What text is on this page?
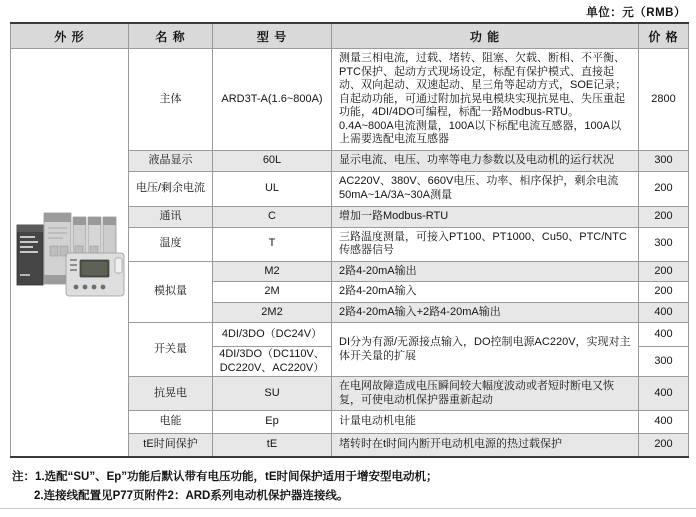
单位：元（RMB）
外 形	名 称	型 号	功 能	价 格
	主体	ARD3T-A(1.6~800A)	测量三相电流，过载、堵转、阻塞、欠载、断相、不平衡、PTC保护、起动方式现场设定，标配有保护模式、直接起动、双向起动、双速起动、星三角等起动方式，SOE记录；自起动功能，可通过附加抗晃电模块实现抗晃电、失压重起功能，4DI/4DO可编程，标配一路Modbus-RTU。0.4A~800A电流测量，100A以下标配电流互感器，100A以上需要选配电流互感器	2800
	液晶显示	60L	显示电流、电压、功率等电力参数以及电动机的运行状况	300
	电压/剩余电流	UL	AC220V、380V、660V电压、功率、相序保护，剩余电流50mA~1A/3A~30A测量	200
	通讯	C	增加一路Modbus-RTU	200
	温度	T	三路温度测量，可接入PT100、PT1000、Cu50、PTC/NTC传感器信号	300
	模拟量	M2	2路4-20mA输出	200
		2M	2路4-20mA输入	200
		2M2	2路4-20mA输入+2路4-20mA输出	400
	开关量	4DI/3DO（DC24V）	DI分为有源/无源接点输入，DO控制电源AC220V，实现对主体开关量的扩展	400
		4DI/3DO（DC110V、DC220V、AC220V）		300
	抗晃电	SU	在电网故障造成电压瞬间较大幅度波动或者短时断电又恢复，可使电动机保护器重新起动	400
	电能	Ep	计量电动机电能	400
	tE时间保护	tE	堵转时在t时间内断开电动机电源的热过载保护	200
注：1.选配“SU”、Ep”功能后默认带有电压功能，tE时间保护适用于增安型电动机；
2.连接线配置见P77页附件2：ARD系列电动机保护器连接线。
